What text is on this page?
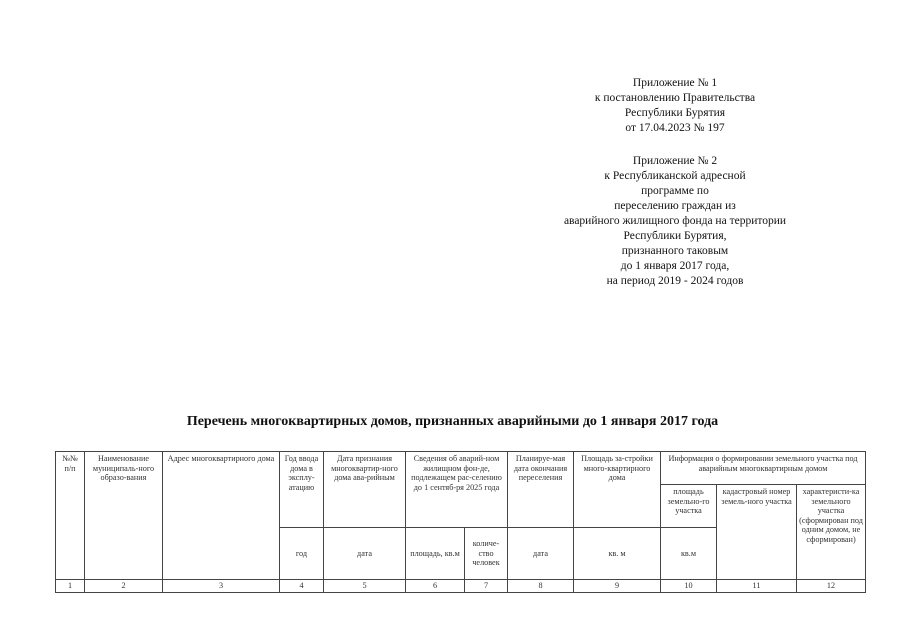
Приложение № 1
к постановлению Правительства
Республики Бурятия
от 17.04.2023 № 197
Приложение № 2
к Республиканской адресной
программе по
переселению граждан из
аварийного жилищного фонда на территории
Республики Бурятия,
признанного таковым
до 1 января 2017 года,
на период 2019 - 2024 годов
Перечень многоквартирных домов, признанных аварийными до 1 января 2017 года
№№ п/п	Наименование муниципаль-ного образо-вания	Адрес многоквартирного дома	Год ввода дома в эксплу-атацию	Дата признания многоквартир-ного дома ава-рийным	Сведения об аварий-ном жилищном фон-де, подлежащем рас-селению до 1 сентяб-ря 2025 года		Планируе-мая дата окончания переселения	Площадь за-стройки много-квартирного дома	Информация о формировании земельного участка под аварийным многоквартирным домом		
									площадь земельно-го участка	кадастровый номер земель-ного участка	характеристи-ка земельного участка (сформирован под одним домом, не сформирован)
			год	дата	площадь, кв.м	количе-ство человек	дата	кв. м	кв.м		
1	2	3	4	5	6	7	8	9	10	11	12
